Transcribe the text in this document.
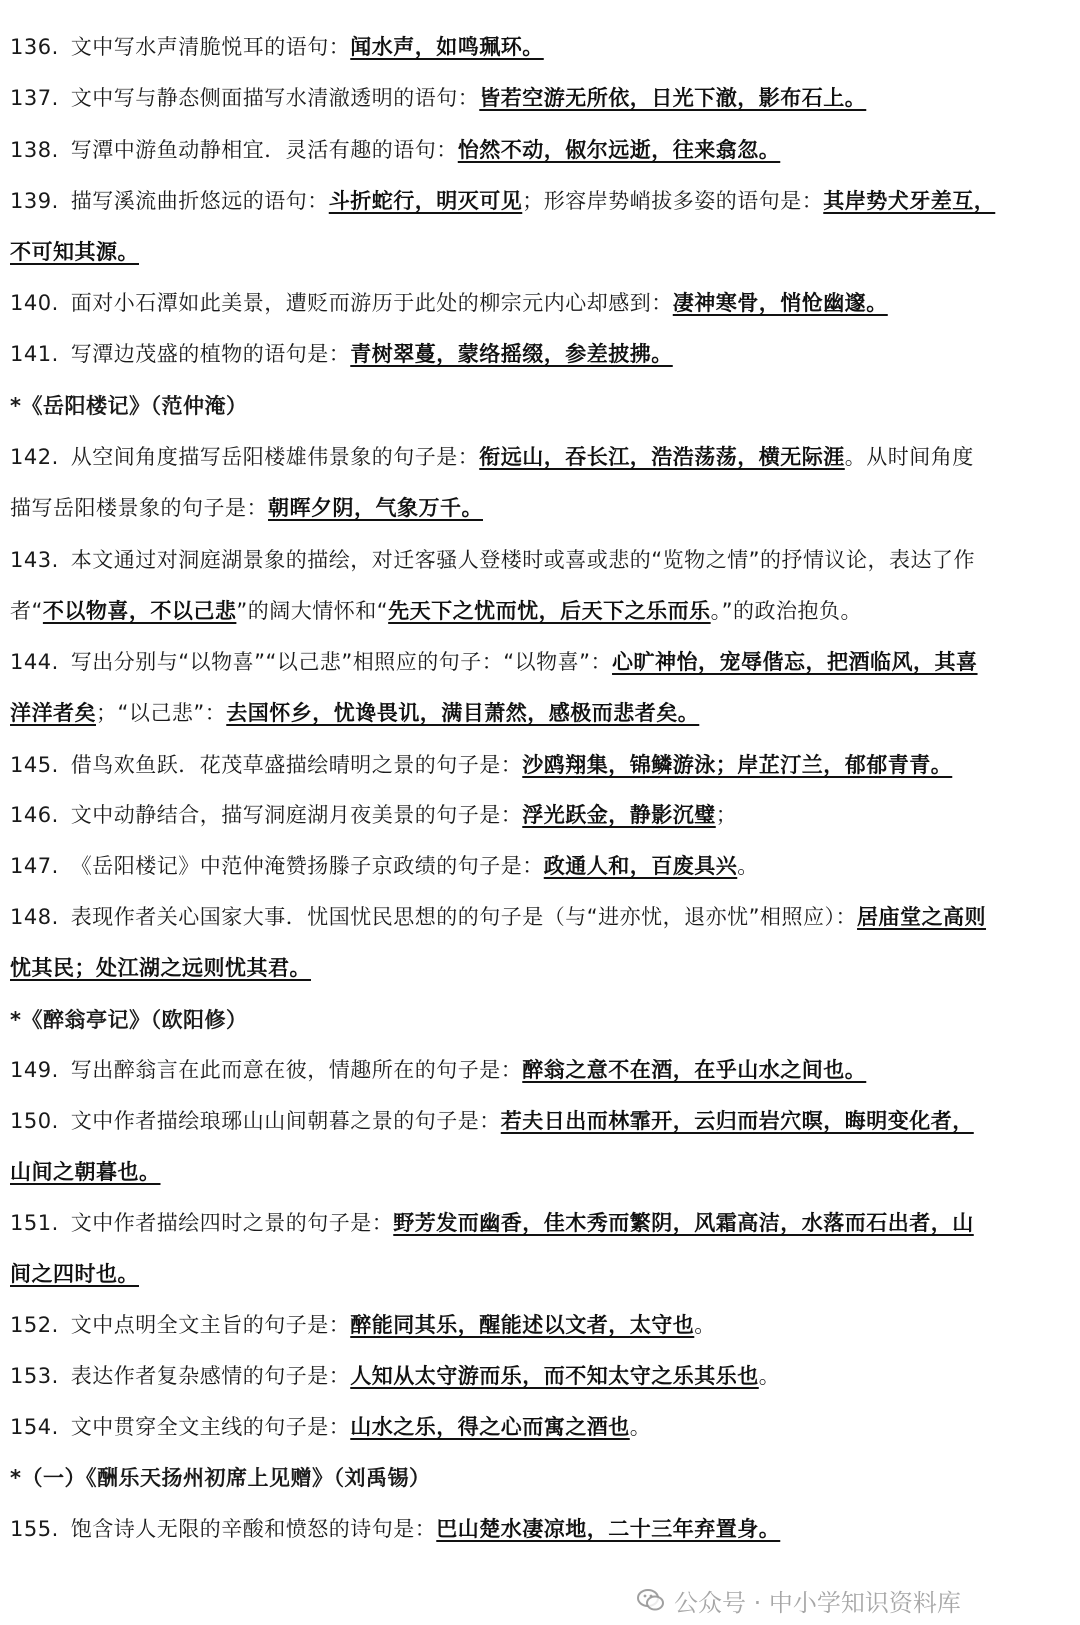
136. 文中写水声清脆悦耳的语句：闻水声，如鸣珮环。
137. 文中写与静态侧面描写水清澈透明的语句：皆若空游无所依，日光下澈，影布石上。
138. 写潭中游鱼动静相宜．灵活有趣的语句：怡然不动，俶尔远逝，往来翕忽。
139. 描写溪流曲折悠远的语句：斗折蛇行，明灭可见；形容岸势峭拔多姿的语句是：其岸势犬牙差互，
不可知其源。
140. 面对小石潭如此美景，遭贬而游历于此处的柳宗元内心却感到：凄神寒骨，悄怆幽邃。
141. 写潭边茂盛的植物的语句是：青树翠蔓，蒙络摇缀，参差披拂。
*《岳阳楼记》（范仲淹）
142. 从空间角度描写岳阳楼雄伟景象的句子是：衔远山，吞长江，浩浩荡荡，横无际涯。从时间角度
描写岳阳楼景象的句子是：朝晖夕阴，气象万千。
143. 本文通过对洞庭湖景象的描绘，对迁客骚人登楼时或喜或悲的“览物之情”的抒情议论，表达了作
者“不以物喜，不以己悲”的阔大情怀和“先天下之忧而忧，后天下之乐而乐。”的政治抱负。
144. 写出分别与“以物喜”“以己悲”相照应的句子：“以物喜”：心旷神怡，宠辱偕忘，把酒临风，其喜
洋洋者矣；“以己悲”：去国怀乡，忧谗畏讥，满目萧然，感极而悲者矣。
145. 借鸟欢鱼跃．花茂草盛描绘晴明之景的句子是：沙鸥翔集，锦鳞游泳；岸芷汀兰，郁郁青青。
146. 文中动静结合，描写洞庭湖月夜美景的句子是：浮光跃金，静影沉璧；
147. 《岳阳楼记》中范仲淹赞扬滕子京政绩的句子是：政通人和，百废具兴。
148. 表现作者关心国家大事．忧国忧民思想的的句子是（与“进亦忧，退亦忧”相照应）：居庙堂之高则
忧其民；处江湖之远则忧其君。
*《醉翁亭记》（欧阳修）
149. 写出醉翁言在此而意在彼，情趣所在的句子是：醉翁之意不在酒，在乎山水之间也。
150. 文中作者描绘琅琊山山间朝暮之景的句子是：若夫日出而林霏开，云归而岩穴暝，晦明变化者，
山间之朝暮也。
151. 文中作者描绘四时之景的句子是：野芳发而幽香，佳木秀而繁阴，风霜高洁，水落而石出者，山
间之四时也。
152. 文中点明全文主旨的句子是：醉能同其乐，醒能述以文者，太守也。
153. 表达作者复杂感情的句子是：人知从太守游而乐，而不知太守之乐其乐也。
154. 文中贯穿全文主线的句子是：山水之乐，得之心而寓之酒也。
*（一）《酬乐天扬州初席上见赠》（刘禹锡）
155. 饱含诗人无限的辛酸和愤怒的诗句是：巴山楚水凄凉地，二十三年弃置身。
公众号 · 中小学知识资料库
